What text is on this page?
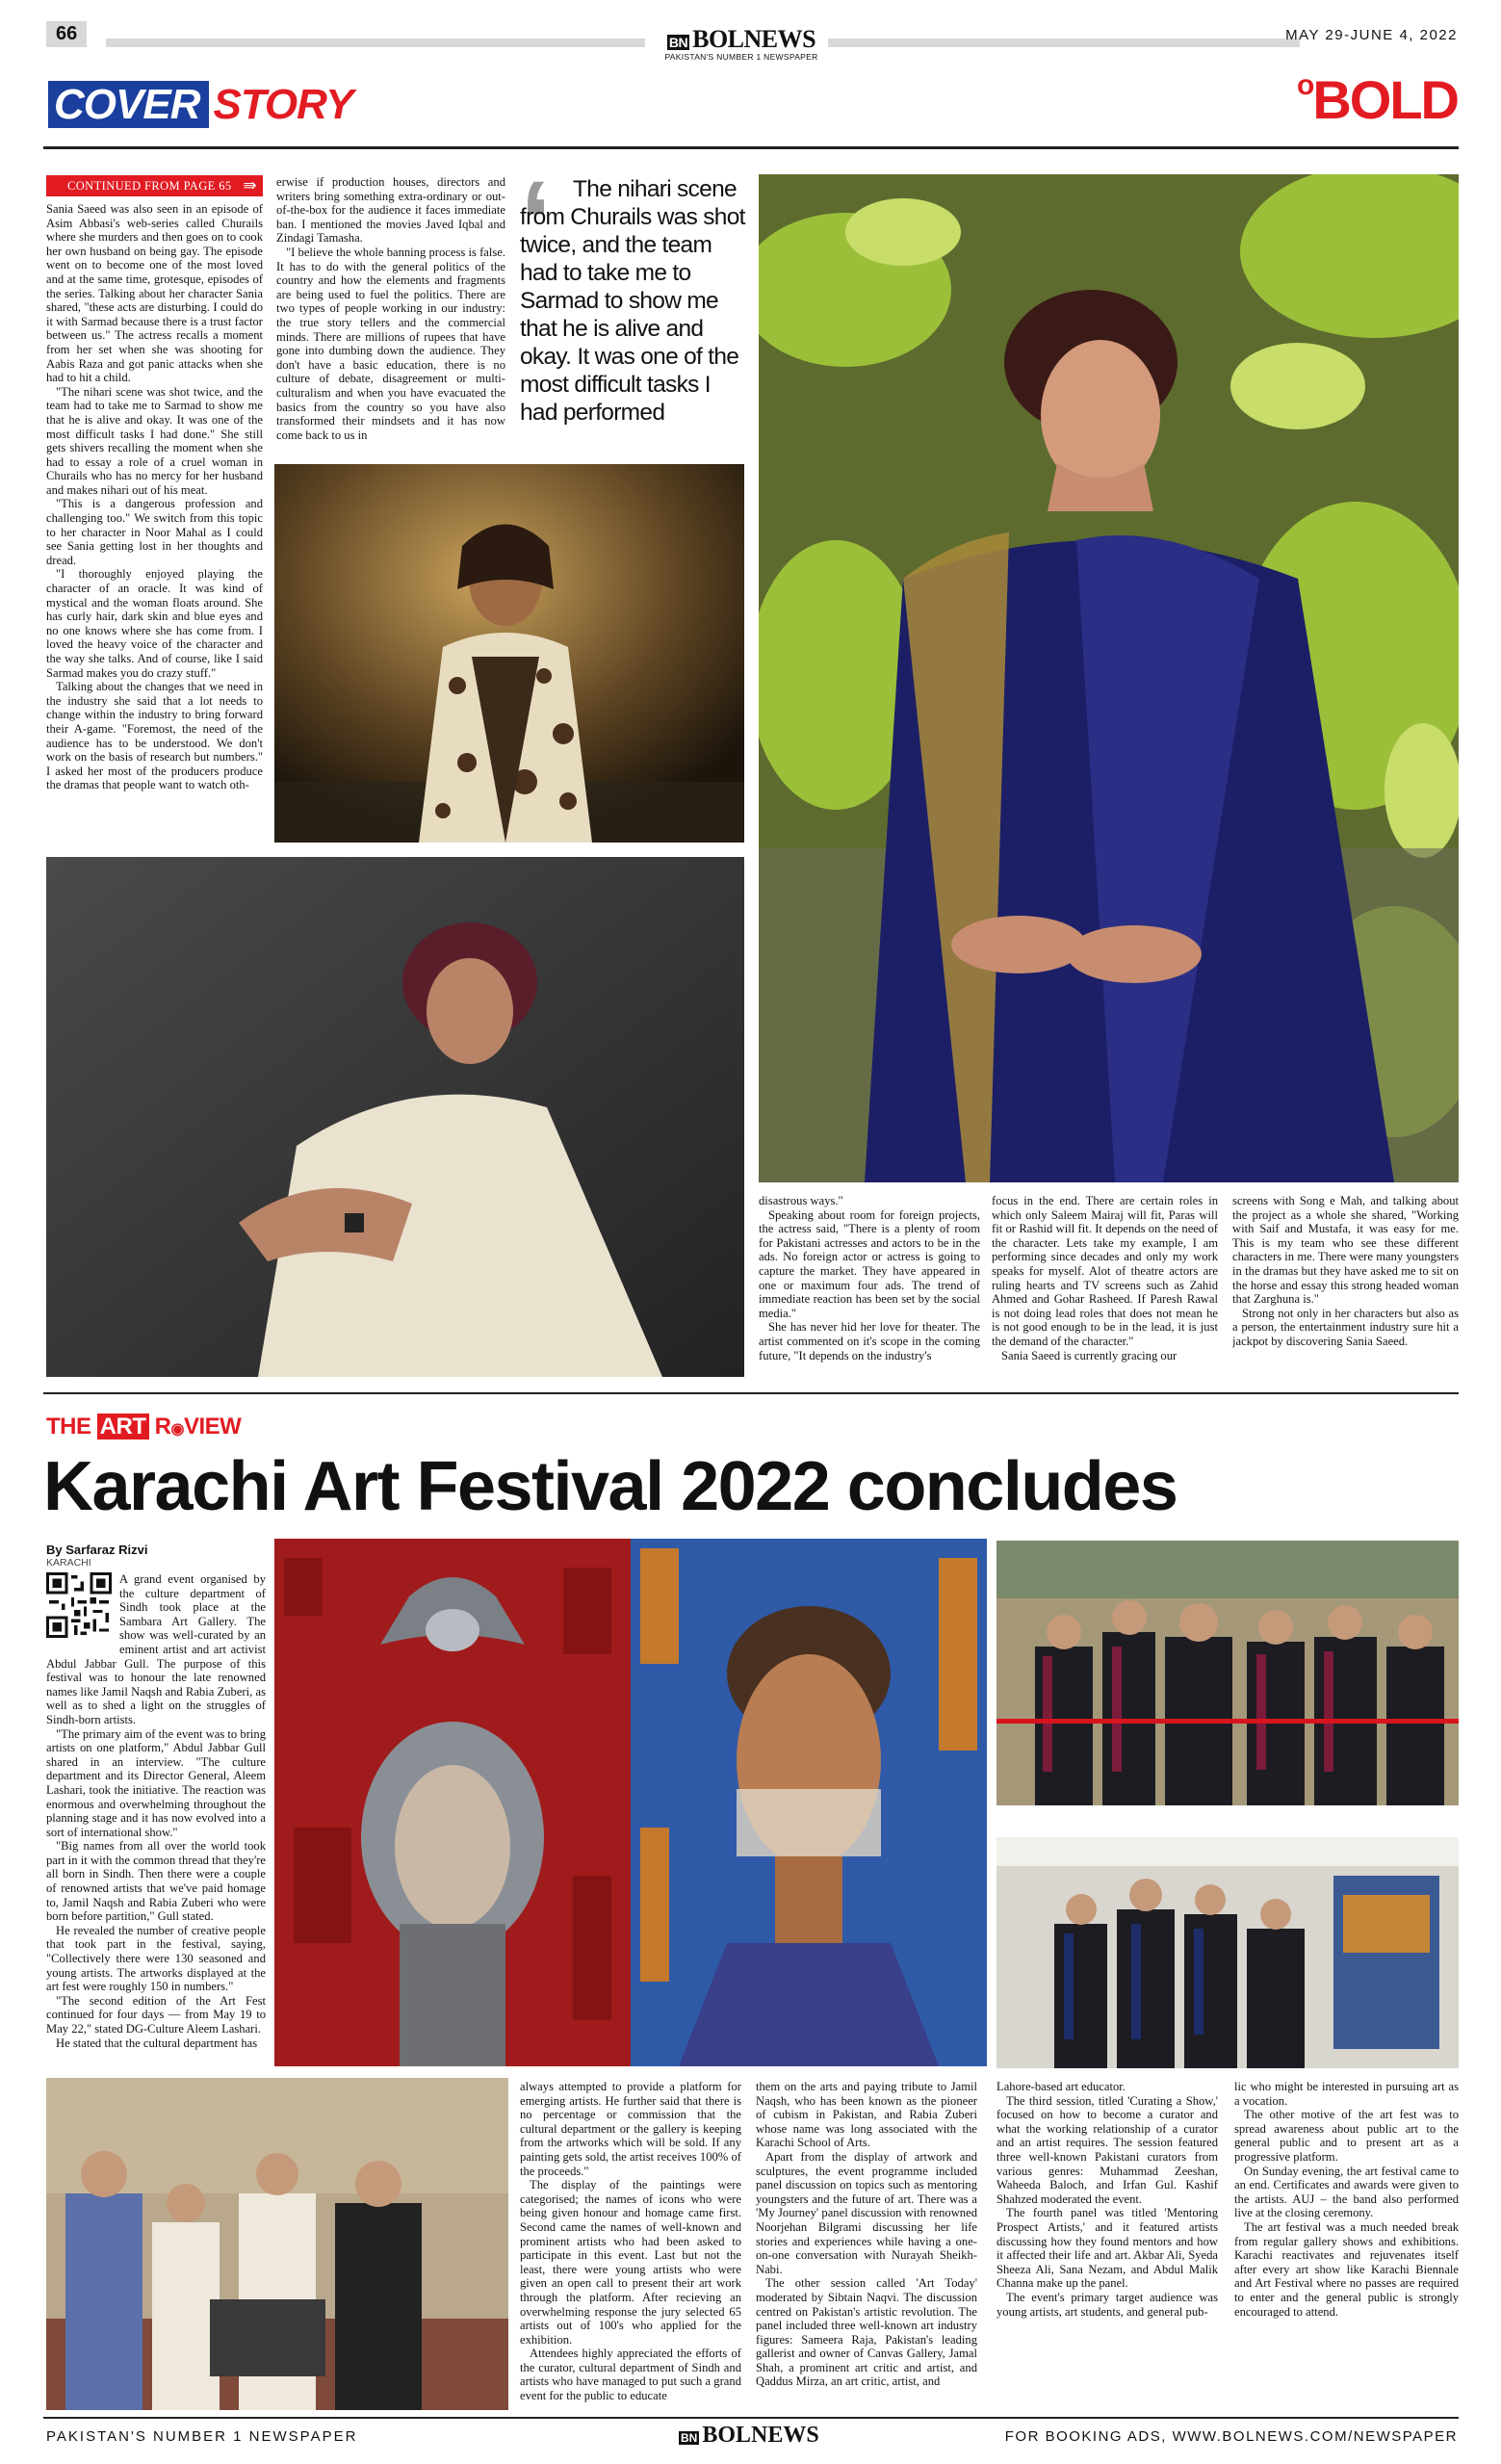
66	BN BOLNEWS
PAKISTAN'S NUMBER 1 NEWSPAPER
MAY 29-JUNE 4, 2022
COVER STORY	$^o$BOLD
CONTINUED FROM PAGE 65 ⇛

Sania Saeed was also seen in an episode of Asim Abbasi's web-series called Churails where she murders and then goes on to cook her own husband on being gay. The episode went on to become one of the most loved and at the same time, grotesque, episodes of the series. Talking about her character Sania shared, "these acts are disturbing. I could do it with Sarmad because there is a trust factor between us." The actress recalls a moment from her set when she was shooting for Aabis Raza and got panic attacks when she had to hit a child.

"The nihari scene was shot twice, and the team had to take me to Sarmad to show me that he is alive and okay. It was one of the most difficult tasks I had done." She still gets shivers recalling the moment when she had to essay a role of a cruel woman in Churails who has no mercy for her husband and makes nihari out of his meat.

"This is a dangerous profession and challenging too." We switch from this topic to her character in Noor Mahal as I could see Sania getting lost in her thoughts and dread.

"I thoroughly enjoyed playing the character of an oracle. It was kind of mystical and the woman floats around. She has curly hair, dark skin and blue eyes and no one knows where she has come from. I loved the heavy voice of the character and the way she talks. And of course, like I said Sarmad makes you do crazy stuff."

Talking about the changes that we need in the industry she said that a lot needs to change within the industry to bring forward their A-game. "Foremost, the need of the audience has to be understood. We don't work on the basis of research but numbers." I asked her most of the producers produce the dramas that people want to watch oth-

erwise if production houses, directors and writers bring something extra-ordinary or out-of-the-box for the audience it faces immediate ban. I mentioned the movies Javed Iqbal and Zindagi Tamasha.

"I believe the whole banning process is false. It has to do with the general politics of the country and how the elements and fragments are being used to fuel the politics. There are two types of people working in our industry: the true story tellers and the commercial minds. There are millions of rupees that have gone into dumbing down the audience. They don't have a basic education, there is no culture of debate, disagreement or multi-culturalism and when you have evacuated the basics from the country so you have also transformed their mindsets and it has now come back to us in

‘ The nihari scene from Churails was shot twice, and the team had to take me to Sarmad to show me that he is alive and okay. It was one of the most difficult tasks I had performed

disastrous ways."

Speaking about room for foreign projects, the actress said, "There is a plenty of room for Pakistani actresses and actors to be in the ads. No foreign actor or actress is going to capture the market. They have appeared in one or maximum four ads. The trend of immediate reaction has been set by the social media."

She has never hid her love for theater. The artist commented on it's scope in the coming future, "It depends on the industry's

focus in the end. There are certain roles in which only Saleem Mairaj will fit, Paras will fit or Rashid will fit. It depends on the need of the character. Lets take my example, I am performing since decades and only my work speaks for myself. Alot of theatre actors are ruling hearts and TV screens such as Zahid Ahmed and Gohar Rasheed. If Paresh Rawal is not doing lead roles that does not mean he is not good enough to be in the lead, it is just the demand of the character."

Sania Saeed is currently gracing our

screens with Song e Mah, and talking about the project as a whole she shared, "Working with Saif and Mustafa, it was easy for me. This is my team who see these different characters in me. There were many youngsters in the dramas but they have asked me to sit on the horse and essay this strong headed woman that Zarghuna is."

Strong not only in her characters but also as a person, the entertainment industry sure hit a jackpot by discovering Sania Saeed.

THE ART R◉VIEW
Karachi Art Festival 2022 concludes
By Sarfaraz Rizvi
KARACHI

A grand event organised by the culture department of Sindh took place at the Sambara Art Gallery. The show was well-curated by an eminent artist and art activist Abdul Jabbar Gull. The purpose of this festival was to honour the late renowned names like Jamil Naqsh and Rabia Zuberi, as well as to shed a light on the struggles of Sindh-born artists.

"The primary aim of the event was to bring artists on one platform," Abdul Jabbar Gull shared in an interview. "The culture department and its Director General, Aleem Lashari, took the initiative. The reaction was enormous and overwhelming throughout the planning stage and it has now evolved into a sort of international show."

"Big names from all over the world took part in it with the common thread that they're all born in Sindh. Then there were a couple of renowned artists that we've paid homage to, Jamil Naqsh and Rabia Zuberi who were born before partition," Gull stated.

He revealed the number of creative people that took part in the festival, saying, "Collectively there were 130 seasoned and young artists. The artworks displayed at the art fest were roughly 150 in numbers."

"The second edition of the Art Fest continued for four days — from May 19 to May 22," stated DG-Culture Aleem Lashari.

He stated that the cultural department has

always attempted to provide a platform for emerging artists. He further said that there is no percentage or commission that the cultural department or the gallery is keeping from the artworks which will be sold. If any painting gets sold, the artist receives 100% of the proceeds."

The display of the paintings were categorised; the names of icons who were being given honour and homage came first. Second came the names of well-known and prominent artists who had been asked to participate in this event. Last but not the least, there were young artists who were given an open call to present their art work through the platform. After recieving an overwhelming response the jury selected 65 artists out of 100's who applied for the exhibition.

Attendees highly appreciated the efforts of the curator, cultural department of Sindh and artists who have managed to put such a grand event for the public to educate

them on the arts and paying tribute to Jamil Naqsh, who has been known as the pioneer of cubism in Pakistan, and Rabia Zuberi whose name was long associated with the Karachi School of Arts.

Apart from the display of artwork and sculptures, the event programme included panel discussion on topics such as mentoring youngsters and the future of art. There was a 'My Journey' panel discussion with renowned Noorjehan Bilgrami discussing her life stories and experiences while having a one-on-one conversation with Nurayah Sheikh-Nabi.

The other session called 'Art Today' moderated by Sibtain Naqvi. The discussion centred on Pakistan's artistic revolution. The panel included three well-known art industry figures: Sameera Raja, Pakistan's leading gallerist and owner of Canvas Gallery, Jamal Shah, a prominent art critic and artist, and Qaddus Mirza, an art critic, artist, and

Lahore-based art educator.

The third session, titled 'Curating a Show,' focused on how to become a curator and what the working relationship of a curator and an artist requires. The session featured three well-known Pakistani curators from various genres: Muhammad Zeeshan, Waheeda Baloch, and Irfan Gul. Kashif Shahzed moderated the event.

The fourth panel was titled 'Mentoring Prospect Artists,' and it featured artists discussing how they found mentors and how it affected their life and art. Akbar Ali, Syeda Sheeza Ali, Sana Nezam, and Abdul Malik Channa make up the panel.

The event's primary target audience was young artists, art students, and general pub-

lic who might be interested in pursuing art as a vocation.

The other motive of the art fest was to spread awareness about public art to the general public and to present art as a progressive platform.

On Sunday evening, the art festival came to an end. Certificates and awards were given to the artists. AUJ – the band also performed live at the closing ceremony.

The art festival was a much needed break from regular gallery shows and exhibitions. Karachi reactivates and rejuvenates itself after every art show like Karachi Biennale and Art Festival where no passes are required to enter and the general public is strongly encouraged to attend.

PAKISTAN'S NUMBER 1 NEWSPAPER	BN BOLNEWS	FOR BOOKING ADS, WWW.BOLNEWS.COM/NEWSPAPER
